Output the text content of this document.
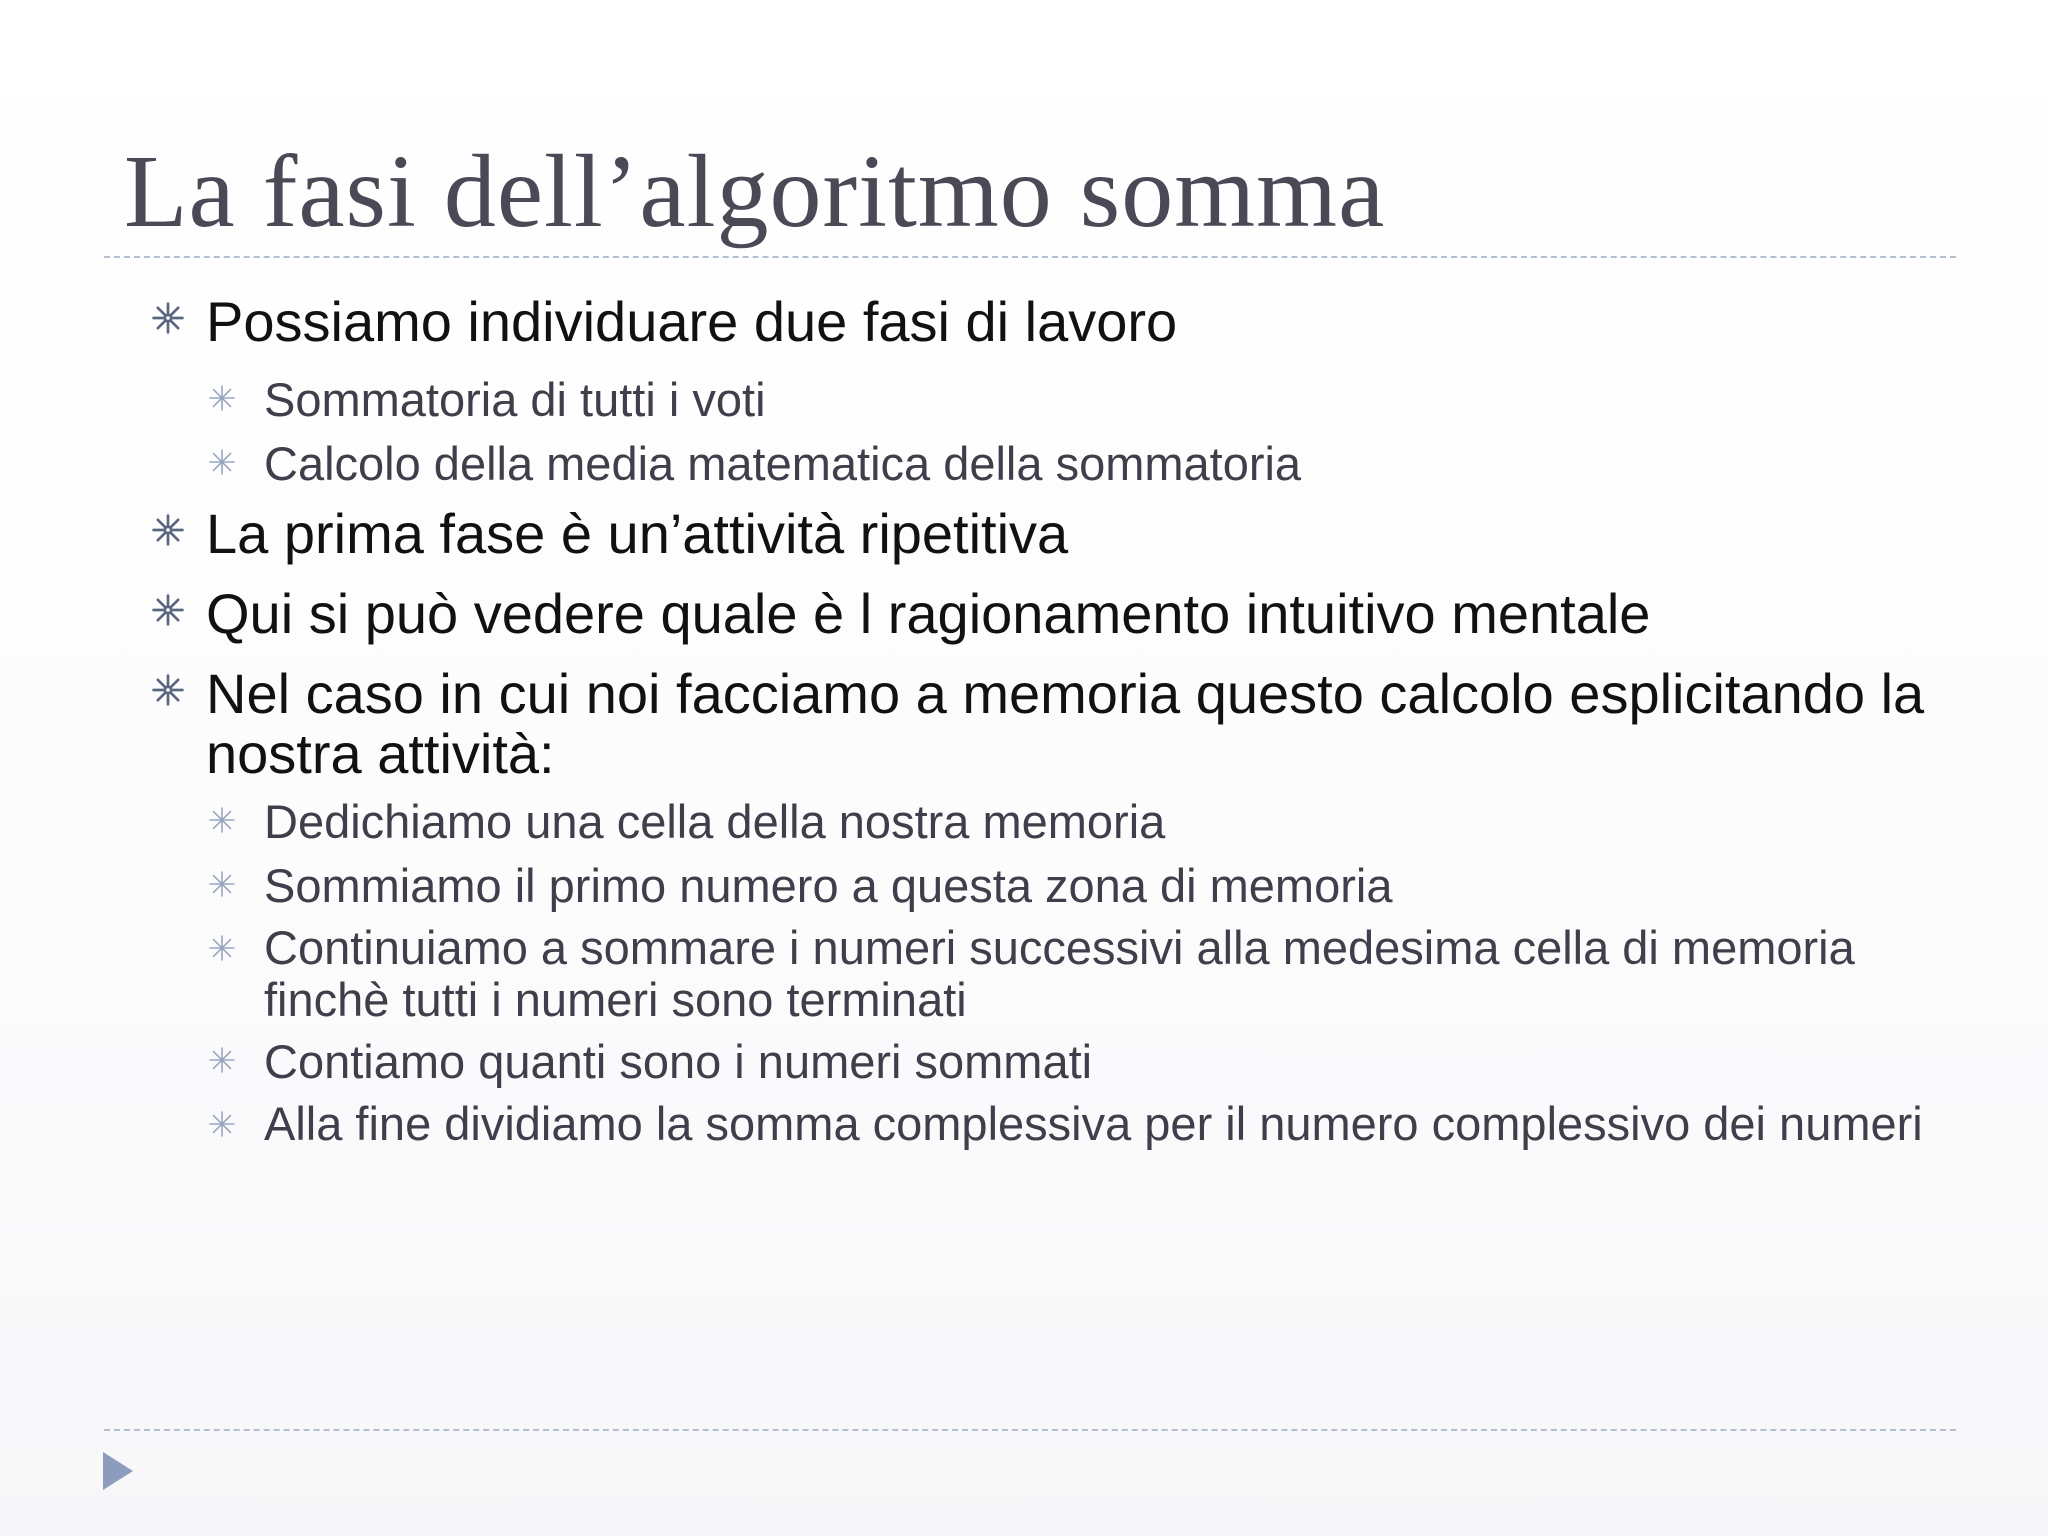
La fasi dell’algoritmo somma
Possiamo individuare due fasi di lavoro
Sommatoria di tutti i voti
Calcolo della media matematica della sommatoria
La prima fase è un’attività ripetitiva
Qui si può vedere quale è l ragionamento intuitivo mentale
Nel caso in cui noi facciamo a memoria questo calcolo esplicitando la nostra attività:
Dedichiamo una cella della nostra memoria
Sommiamo il primo numero a questa zona di memoria
Continuiamo a sommare i numeri successivi alla medesima cella di memoria finchè tutti i numeri sono terminati
Contiamo quanti sono i numeri sommati
Alla fine dividiamo la somma complessiva per il numero complessivo dei numeri
